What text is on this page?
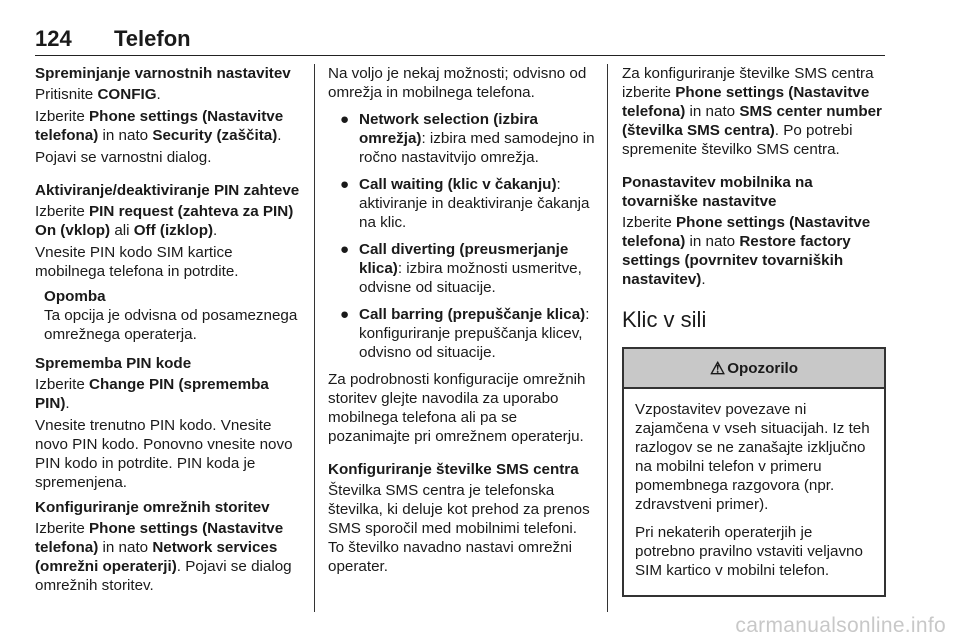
124 Telefon
Spreminjanje varnostnih nastavitev

Pritisnite CONFIG.

Izberite Phone settings (Nastavitve telefona) in nato Security (zaščita).

Pojavi se varnostni dialog.

Aktiviranje/deaktiviranje PIN zahteve

Izberite PIN request (zahteva za PIN) On (vklop) ali Off (izklop).

Vnesite PIN kodo SIM kartice mobilnega telefona in potrdite.

Opomba
Ta opcija je odvisna od posameznega omrežnega operaterja.
Sprememba PIN kode

Izberite Change PIN (sprememba PIN).

Vnesite trenutno PIN kodo. Vnesite novo PIN kodo. Ponovno vnesite novo PIN kodo in potrdite. PIN koda je spremenjena.

Konfiguriranje omrežnih storitev

Izberite Phone settings (Nastavitve telefona) in nato Network services (omrežni operaterji). Pojavi se dialog omrežnih storitev.

Na voljo je nekaj možnosti; odvisno od omrežja in mobilnega telefona.

● Network selection (izbira omrežja): izbira med samodejno in ročno nastavitvijo omrežja.
● Call waiting (klic v čakanju): aktiviranje in deaktiviranje čakanja na klic.
● Call diverting (preusmerjanje klica): izbira možnosti usmeritve, odvisne od situacije.
● Call barring (prepuščanje klica): konfiguriranje prepuščanja klicev, odvisno od situacije.

Za podrobnosti konfiguracije omrežnih storitev glejte navodila za uporabo mobilnega telefona ali pa se pozanimajte pri omrežnem operaterju.

Konfiguriranje številke SMS centra

Številka SMS centra je telefonska številka, ki deluje kot prehod za prenos SMS sporočil med mobilnimi telefoni. To številko navadno nastavi omrežni operater.

Za konfiguriranje številke SMS centra izberite Phone settings (Nastavitve telefona) in nato SMS center number (številka SMS centra). Po potrebi spremenite številko SMS centra.

Ponastavitev mobilnika na tovarniške nastavitve

Izberite Phone settings (Nastavitve telefona) in nato Restore factory settings (povrnitev tovarniških nastavitev).

Klic v sili
⚠ Opozorilo

Vzpostavitev povezave ni zajamčena v vseh situacijah. Iz teh razlogov se ne zanašajte izključno na mobilni telefon v primeru pomembnega razgovora (npr. zdravstveni primer).

Pri nekaterih operaterjih je potrebno pravilno vstaviti veljavno SIM kartico v mobilni telefon.

carmanualsonline.info
